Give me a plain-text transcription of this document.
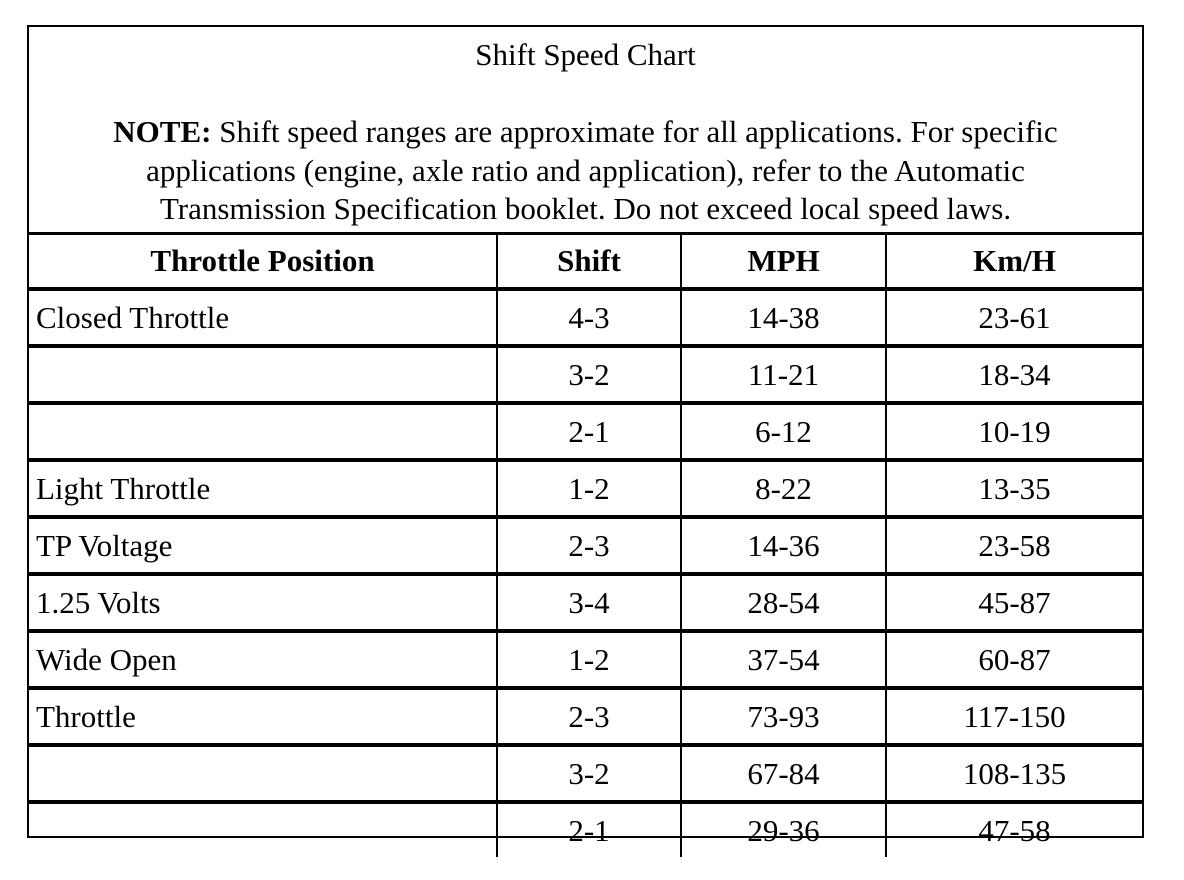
Shift Speed Chart
NOTE: Shift speed ranges are approximate for all applications. For specific applications (engine, axle ratio and application), refer to the Automatic Transmission Specification booklet. Do not exceed local speed laws.
Throttle Position	Shift	MPH	Km/H
Closed Throttle	4-3	14-38	23-61
	3-2	11-21	18-34
	2-1	6-12	10-19
Light Throttle	1-2	8-22	13-35
TP Voltage	2-3	14-36	23-58
1.25 Volts	3-4	28-54	45-87
Wide Open	1-2	37-54	60-87
Throttle	2-3	73-93	117-150
	3-2	67-84	108-135
	2-1	29-36	47-58
